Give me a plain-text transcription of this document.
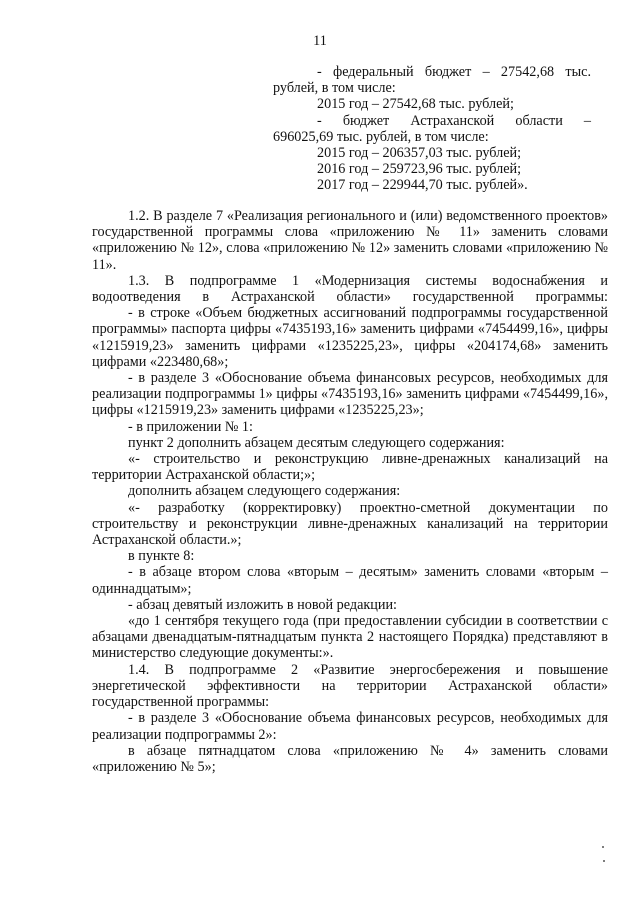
11

- федеральный бюджет – 27542,68 тыс.

рублей, в том числе:

2015 год – 27542,68 тыс. рублей;

- бюджет Астраханской области –

696025,69 тыс. рублей, в том числе:

2015 год – 206357,03 тыс. рублей;

2016 год – 259723,96 тыс. рублей;

2017 год – 229944,70 тыс. рублей».

1.2. В разделе 7 «Реализация регионального и (или) ведомственного проектов» государственной программы слова «приложению № 11» заменить словами «приложению № 12», слова «приложению № 12» заменить словами «приложению № 11».

1.3. В подпрограмме 1 «Модернизация системы водоснабжения и водоотведения в Астраханской области» государственной программы:

- в строке «Объем бюджетных ассигнований подпрограммы государственной программы» паспорта цифры «7435193,16» заменить цифрами «7454499,16», цифры «1215919,23» заменить цифрами «1235225,23», цифры «204174,68» заменить цифрами «223480,68»;

- в разделе 3 «Обоснование объема финансовых ресурсов, необходимых для реализации подпрограммы 1» цифры «7435193,16» заменить цифрами «7454499,16», цифры «1215919,23» заменить цифрами «1235225,23»;

- в приложении № 1:

пункт 2 дополнить абзацем десятым следующего содержания:

«- строительство и реконструкцию ливне-дренажных канализаций на территории Астраханской области;»;

дополнить абзацем следующего содержания:

«- разработку (корректировку) проектно-сметной документации по строительству и реконструкции ливне-дренажных канализаций на территории Астраханской области.»;

в пункте 8:

- в абзаце втором слова «вторым – десятым» заменить словами «вторым – одиннадцатым»;

- абзац девятый изложить в новой редакции:

«до 1 сентября текущего года (при предоставлении субсидии в соответствии с абзацами двенадцатым-пятнадцатым пункта 2 настоящего Порядка) представляют в министерство следующие документы:».

1.4. В подпрограмме 2 «Развитие энергосбережения и повышение энергетической эффективности на территории Астраханской области» государственной программы:

- в разделе 3 «Обоснование объема финансовых ресурсов, необходимых для реализации подпрограммы 2»:

в абзаце пятнадцатом слова «приложению № 4» заменить словами «приложению № 5»;
